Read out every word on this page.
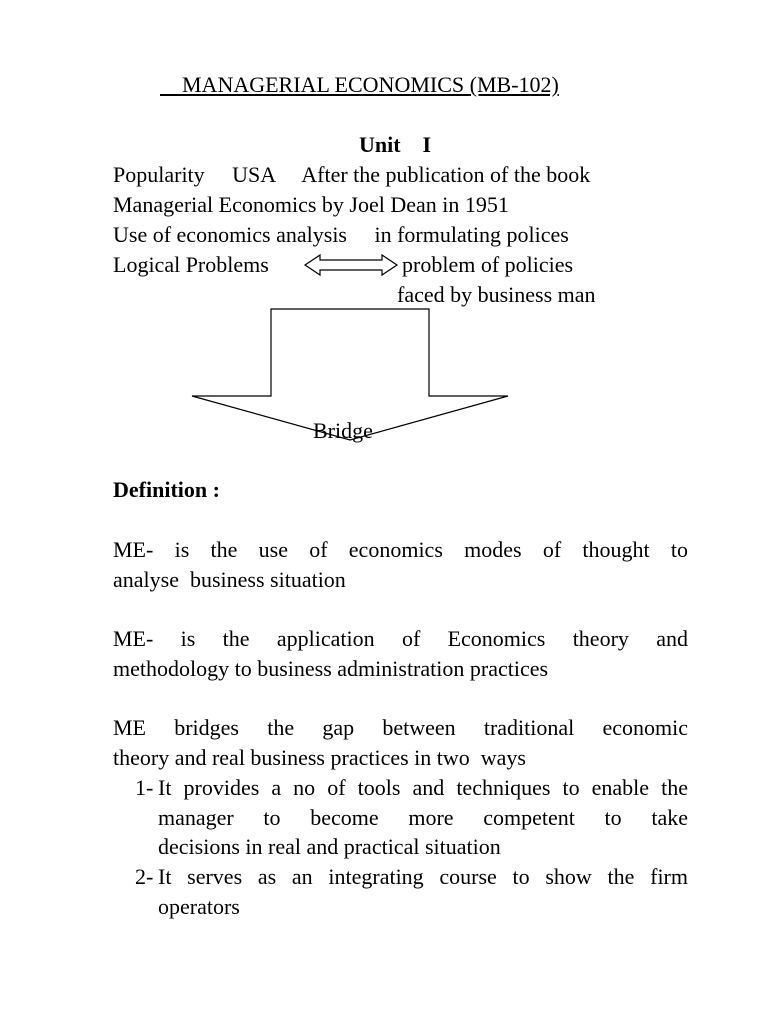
MANAGERIAL ECONOMICS (MB-102)
Unit    I
Popularity     USA     After the publication of the book
Managerial Economics by Joel Dean in 1951
Use of economics analysis     in formulating polices
Logical Problems	problem of policies
faced by business man
Bridge
Definition :
ME- is the use of economics modes of thought to
analyse  business situation
ME- is the application of Economics theory and
methodology to business administration practices
ME bridges the gap between traditional economic
theory and real business practices in two  ways
1- It provides a no of tools and techniques to enable the
manager to become more competent to take
decisions in real and practical situation
2- It serves as an integrating course to show the firm
operators
